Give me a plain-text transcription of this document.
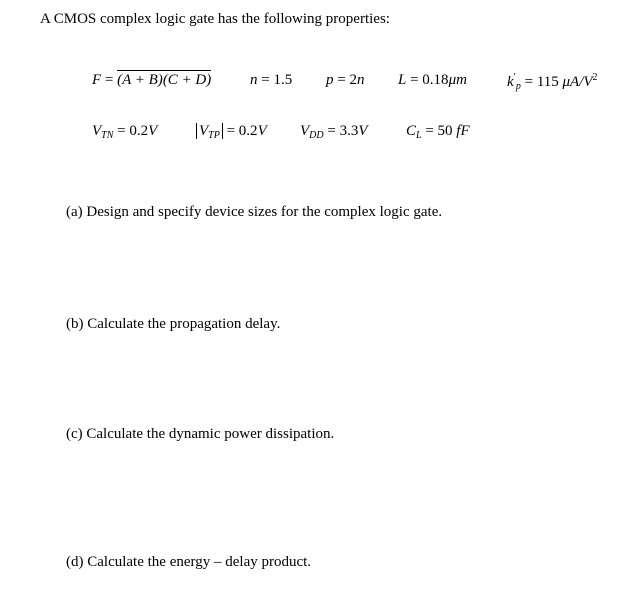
A CMOS complex logic gate has the following properties:
F = (A + B)(C + D)	n = 1.5 p = 2n L = 0.18μm	$k'_p = 115$ $\mu A/V^2$
$V_{TN} = 0.2V$	$V_{TP} = 0.2V$ $V_{DD} = 3.3V$	$C_L = 50$ fF
(a) Design and specify device sizes for the complex logic gate.
(b) Calculate the propagation delay.
(c) Calculate the dynamic power dissipation.
(d) Calculate the energy – delay product.
